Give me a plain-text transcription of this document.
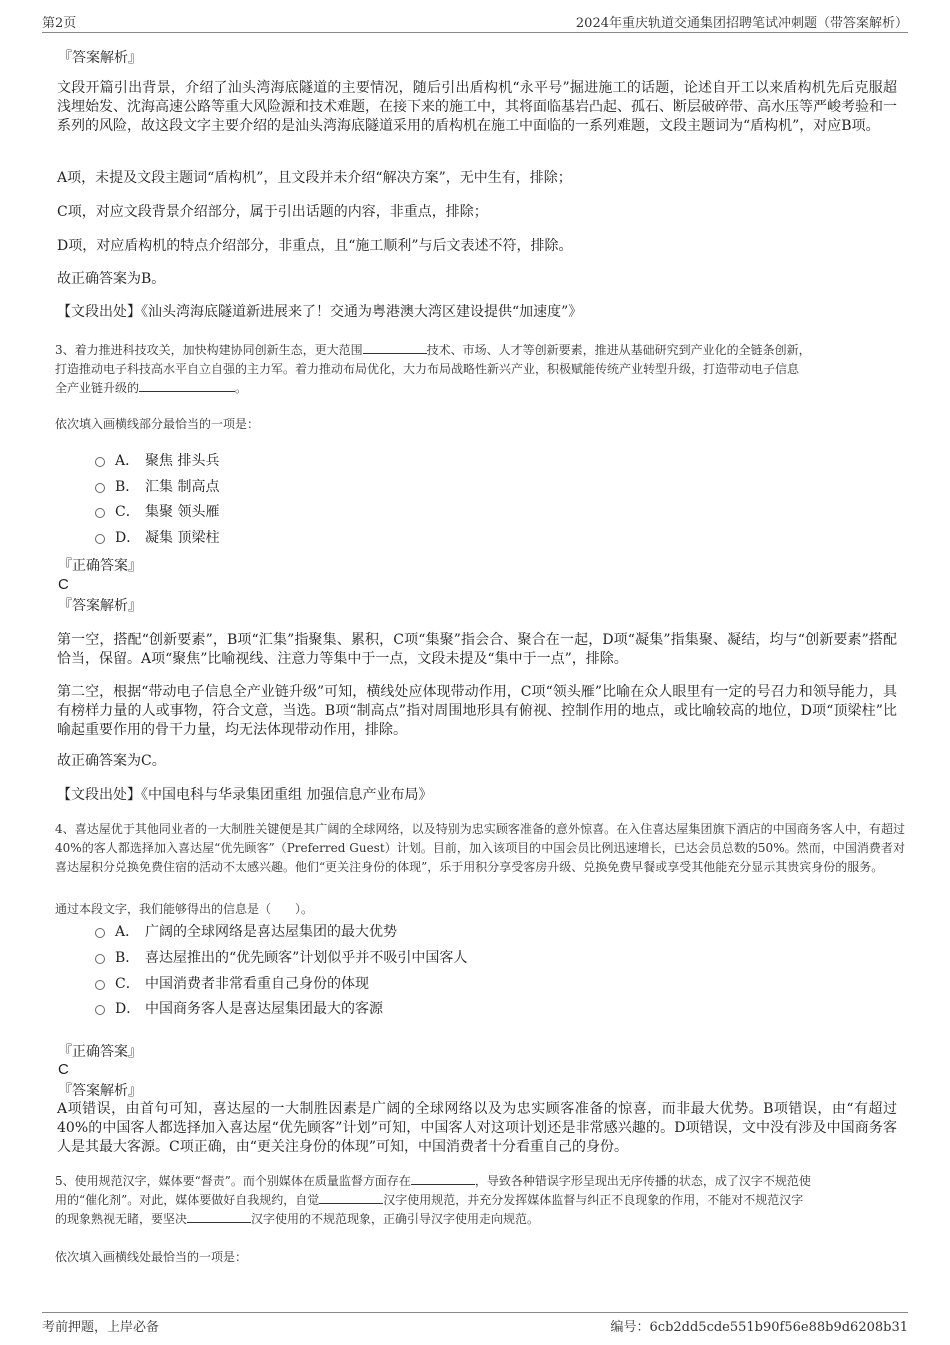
第2页	2024年重庆轨道交通集团招聘笔试冲刺题（带答案解析）
『答案解析』
文段开篇引出背景，介绍了汕头湾海底隧道的主要情况，随后引出盾构机“永平号”掘进施工的话题，论述自开工以来盾构机先后克服超浅埋始发、沈海高速公路等重大风险源和技术难题，在接下来的施工中，其将面临基岩凸起、孤石、断层破碎带、高水压等严峻考验和一系列的风险，故这段文字主要介绍的是汕头湾海底隧道采用的盾构机在施工中面临的一系列难题，文段主题词为“盾构机”，对应B项。
A项，未提及文段主题词“盾构机”，且文段并未介绍“解决方案”，无中生有，排除；
C项，对应文段背景介绍部分，属于引出话题的内容，非重点，排除；
D项，对应盾构机的特点介绍部分，非重点，且“施工顺利”与后文表述不符，排除。
故正确答案为B。
【文段出处】《汕头湾海底隧道新进展来了！交通为粤港澳大湾区建设提供“加速度”》
3、着力推进科技攻关，加快构建协同创新生态，更大范围	技术、市场、人才等创新要素，推进从基础研究到产业化的全链条创新，
打造推动电子科技高水平自立自强的主力军。着力推动布局优化，大力布局战略性新兴产业，积极赋能传统产业转型升级，打造带动电子信息
全产业链升级的	。
依次填入画横线部分最恰当的一项是：
A． 聚焦 排头兵
B． 汇集 制高点
C． 集聚 领头雁
D． 凝集 顶梁柱
『正确答案』
C
『答案解析』
第一空，搭配“创新要素”，B项“汇集”指聚集、累积，C项“集聚”指会合、聚合在一起，D项“凝集”指集聚、凝结，均与“创新要素”搭配恰当，保留。A项“聚焦”比喻视线、注意力等集中于一点，文段未提及“集中于一点”，排除。
第二空，根据“带动电子信息全产业链升级”可知，横线处应体现带动作用，C项“领头雁”比喻在众人眼里有一定的号召力和领导能力，具有榜样力量的人或事物，符合文意，当选。B项“制高点”指对周围地形具有俯视、控制作用的地点，或比喻较高的地位，D项“顶梁柱”比喻起重要作用的骨干力量，均无法体现带动作用，排除。
故正确答案为C。
【文段出处】《中国电科与华录集团重组 加强信息产业布局》
4、喜达屋优于其他同业者的一大制胜关键便是其广阔的全球网络，以及特别为忠实顾客准备的意外惊喜。在入住喜达屋集团旗下酒店的中国商务客人中，有超过40%的客人都选择加入喜达屋“优先顾客”（Preferred Guest）计划。目前，加入该项目的中国会员比例迅速增长，已达会员总数的50%。然而，中国消费者对喜达屋积分兑换免费住宿的活动不太感兴趣。他们“更关注身份的体现”，乐于用积分享受客房升级、兑换免费早餐或享受其他能充分显示其贵宾身份的服务。
通过本段文字，我们能够得出的信息是（　　）。
A． 广阔的全球网络是喜达屋集团的最大优势
B． 喜达屋推出的“优先顾客”计划似乎并不吸引中国客人
C． 中国消费者非常看重自己身份的体现
D． 中国商务客人是喜达屋集团最大的客源
『正确答案』
C
『答案解析』
A项错误，由首句可知，喜达屋的一大制胜因素是广阔的全球网络以及为忠实顾客准备的惊喜，而非最大优势。B项错误，由“有超过40%的中国客人都选择加入喜达屋“优先顾客”计划”可知，中国客人对这项计划还是非常感兴趣的。D项错误，文中没有涉及中国商务客人是其最大客源。C项正确，由“更关注身份的体现”可知，中国消费者十分看重自己的身份。
5、使用规范汉字，媒体要“督责”。而个别媒体在质量监督方面存在	，导致各种错误字形呈现出无序传播的状态，成了汉字不规范使
用的“催化剂”。对此，媒体要做好自我规约，自觉	汉字使用规范，并充分发挥媒体监督与纠正不良现象的作用，不能对不规范汉字
的现象熟视无睹，要坚决	汉字使用的不规范现象，正确引导汉字使用走向规范。
依次填入画横线处最恰当的一项是：
考前押题，上岸必备	编号：6cb2dd5cde551b90f56e88b9d6208b31
